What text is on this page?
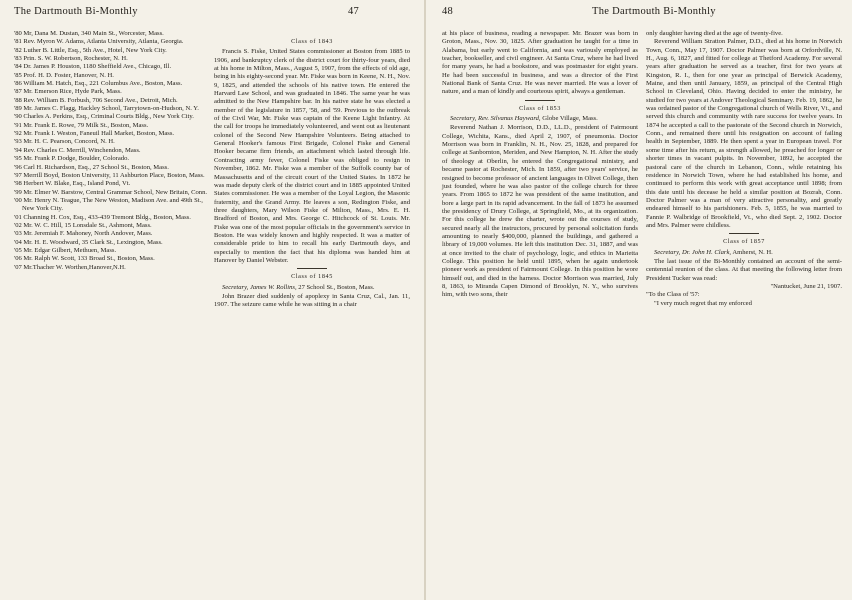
The Dartmouth Bi-Monthly	47

'80 Mr, Dana M. Dustan, 340 Main St., Worcester, Mass.

'81 Rev. Myron W. Adams, Atlanta University, Atlanta, Georgia.

'82 Luther B. Little, Esq., 5th Ave., Hotel, New York City.

'83 Prin. S. W. Robertson, Rochester, N. H.

'84 Dr. James P. Houston, 1180 Sheffield Ave., Chicago, Ill.

'85 Prof. H. D. Foster, Hanover, N. H.

'86 William M. Hatch, Esq., 221 Columbus Ave., Boston, Mass.

'87 Mr. Emerson Rice, Hyde Park, Mass.

'88 Rev. William B. Forbush, 706 Second Ave., Detroit, Mich.

'89 Mr. James C. Flagg, Hackley School, Tarrytown-on-Hudson, N. Y.

'90 Charles A. Perkins, Esq., Criminal Courts Bldg., New York City.

'91 Mr. Frank E. Rowe, 79 Milk St., Boston, Mass.

'92 Mr. Frank I. Weston, Faneuil Hall Market, Boston, Mass.

'93 Mr. H. C. Pearson, Concord, N. H.

'94 Rev. Charles C. Merrill, Winchendon, Mass.

'95 Mr. Frank P. Dodge, Boulder, Colorado.

'96 Carl H. Richardson, Esq., 27 School St., Boston, Mass.

'97 Merrill Boyd, Boston University, 11 Ashburton Place, Boston, Mass.

'98 Herbert W. Blake, Esq., Island Pond, Vt.

'99 Mr. Elmer W. Barstow, Central Grammar School, New Britain, Conn.

'00 Mr. Henry N. Teague, The New Weston, Madison Ave. and 49th St., New York City.

'01 Channing H. Cox, Esq., 433-439 Tremont Bldg., Boston, Mass.

'02 Mr. W. C. Hill, 15 Lonsdale St., Ashmont, Mass.

'03 Mr. Jeremiah F. Mahoney, North Andover, Mass.

'04 Mr. H. E. Woodward, 35 Clark St., Lexington, Mass.

'05 Mr. Edgar Gilbert, Methuen, Mass.

'06 Mr. Ralph W. Scott, 133 Broad St., Boston, Mass.

'07 Mr.Thacher W. Worthen,Hanover,N.H.

Class of 1843

Francis S. Fiske, United States commissioner at Boston from 1885 to 1906, and bankruptcy clerk of the district court for thirty-four years, died at his home in Milton, Mass., August 5, 1907, from the effects of old age, being in his eighty-second year. Mr. Fiske was born in Keene, N. H., Nov. 9, 1825, and attended the schools of his native town. He entered the Harvard Law School, and was graduated in 1846. The same year he was admitted to the New Hampshire bar. In his native state he was elected a member of the legislature in 1857, '58, and '59. Previous to the outbreak of the Civil War, Mr. Fiske was captain of the Keene Light Infantry. At the call for troops he immediately volunteered, and went out as lieutenant colonel of the Second New Hampshire Volunteers. Being attached to General Hooker's famous First Brigade, Colonel Fiske and General Hooker became firm friends, an attachment which lasted through life. Contracting army fever, Colonel Fiske was obliged to resign in November, 1862. Mr. Fiske was a member of the Suffolk county bar of Massachusetts and of the circuit court of the United States. In 1872 he was made deputy clerk of the district court and in 1885 appointed United States commissioner. He was a member of the Loyal Legion, the Masonic fraternity, and the Grand Army. He leaves a son, Redington Fiske, and three daughters, Mary Wilson Fiske of Milton, Mass., Mrs. E. H. Bradford of Boston, and Mrs. George C. Hitchcock of St. Louis. Mr. Fiske was one of the most popular officials in the government's service in Boston. He was widely known and highly respected. It was a matter of considerable pride to him to recall his early Dartmouth days, and especially to mention the fact that his diploma was handed him at Hanover by Daniel Webster.

Class of 1845

Secretary, James W. Rollins, 27 School St., Boston, Mass.

John Brazer died suddenly of apoplexy in Santa Cruz, Cal., Jan. 11, 1907. The seizure came while he was sitting in a chair

48	The Dartmouth Bi-Monthly

at his place of business, reading a newspaper. Mr. Brazer was born in Groton, Mass., Nov. 30, 1825. After graduation he taught for a time in Alabama, but early went to California, and was variously employed as teacher, bookseller, and civil engineer. At Santa Cruz, where he had lived for many years, he had a bookstore, and was postmaster for eight years. He had been successful in business, and was a director of the First National Bank of Santa Cruz. He was never married. He was a lover of nature, and a man of kindly and courteous spirit, always a gentleman.

Class of 1853

Secretary, Rev. Silvanus Hayward, Globe Village, Mass.

Reverend Nathan J. Morrison, D.D., LL.D., president of Fairmount College, Wichita, Kans., died April 2, 1907, of pneumonia. Doctor Morrison was born in Franklin, N. H., Nov. 25, 1828, and prepared for college at Sanbornton, Meriden, and New Hampton, N. H. After the study of theology at Oberlin, he entered the Congregational ministry, and became pastor at Rochester, Mich. In 1859, after two years' service, he resigned to become professor of ancient languages in Olivet College, then just founded, where he was also pastor of the college church for three years. From 1865 to 1872 he was president of the same institution, and bore a large part in its rapid advancement. In the fall of 1873 he assumed the presidency of Drury College, at Springfield, Mo., at its organization. For this college he drew the charter, wrote out the courses of study, secured nearly all the instructors, procured by personal solicitation funds amounting to nearly $400,000, planned the buildings, and gathered a library of 19,000 volumes. He left this institution Dec. 31, 1887, and was at once invited to the chair of psychology, logic, and ethics in Marietta College. This position he held until 1895, when he again undertook pioneer work as president of Fairmount College. In this position he wore himself out, and died in the harness. Doctor Morrison was married, July 8, 1863, to Miranda Capen Dimond of Brooklyn, N. Y., who survives him, with two sons, their

only daughter having died at the age of twenty-five.

Reverend William Stratton Palmer, D.D., died at his home in Norwich Town, Conn., May 17, 1907. Doctor Palmer was born at Orfordville, N. H., Aug. 6, 1827, and fitted for college at Thetford Academy. For several years after graduation he served as a teacher, first for two years at Kingston, R. I., then for one year as principal of Berwick Academy, Maine, and then until January, 1859, as principal of the Central High School in Cleveland, Ohio. Having decided to enter the ministry, he studied for two years at Andover Theological Seminary. Feb. 19, 1862, he was ordained pastor of the Congregational church of Wells River, Vt., and served this church and community with rare success for twelve years. In 1874 he accepted a call to the pastorate of the Second church in Norwich, Conn., and remained there until his resignation on account of failing health in September, 1889. He then spent a year in European travel. For some time after his return, as strength allowed, he preached for longer or shorter times in vacant pulpits. In November, 1892, he accepted the pastoral care of the church in Lebanon, Conn., while retaining his residence in Norwich Town, where he had established his home, and continued to perform this work with great acceptance until 1898; from this date until his decease he held a similar position at Bozrah, Conn. Doctor Palmer was a man of very attractive personality, and greatly endeared himself to his parishioners. Feb. 5, 1855, he was married to Fannie P. Walbridge of Brookfield, Vt., who died Sept. 2, 1902. Doctor and Mrs. Palmer were childless.

Class of 1857

Secretary, Dr. John H. Clark, Amherst, N. H.

The last issue of the Bi-Monthly contained an account of the semi-centennial reunion of the class. At that meeting the following letter from President Tucker was read:

"Nantucket, June 21, 1907.

"To the Class of '57:

"I very much regret that my enforced
